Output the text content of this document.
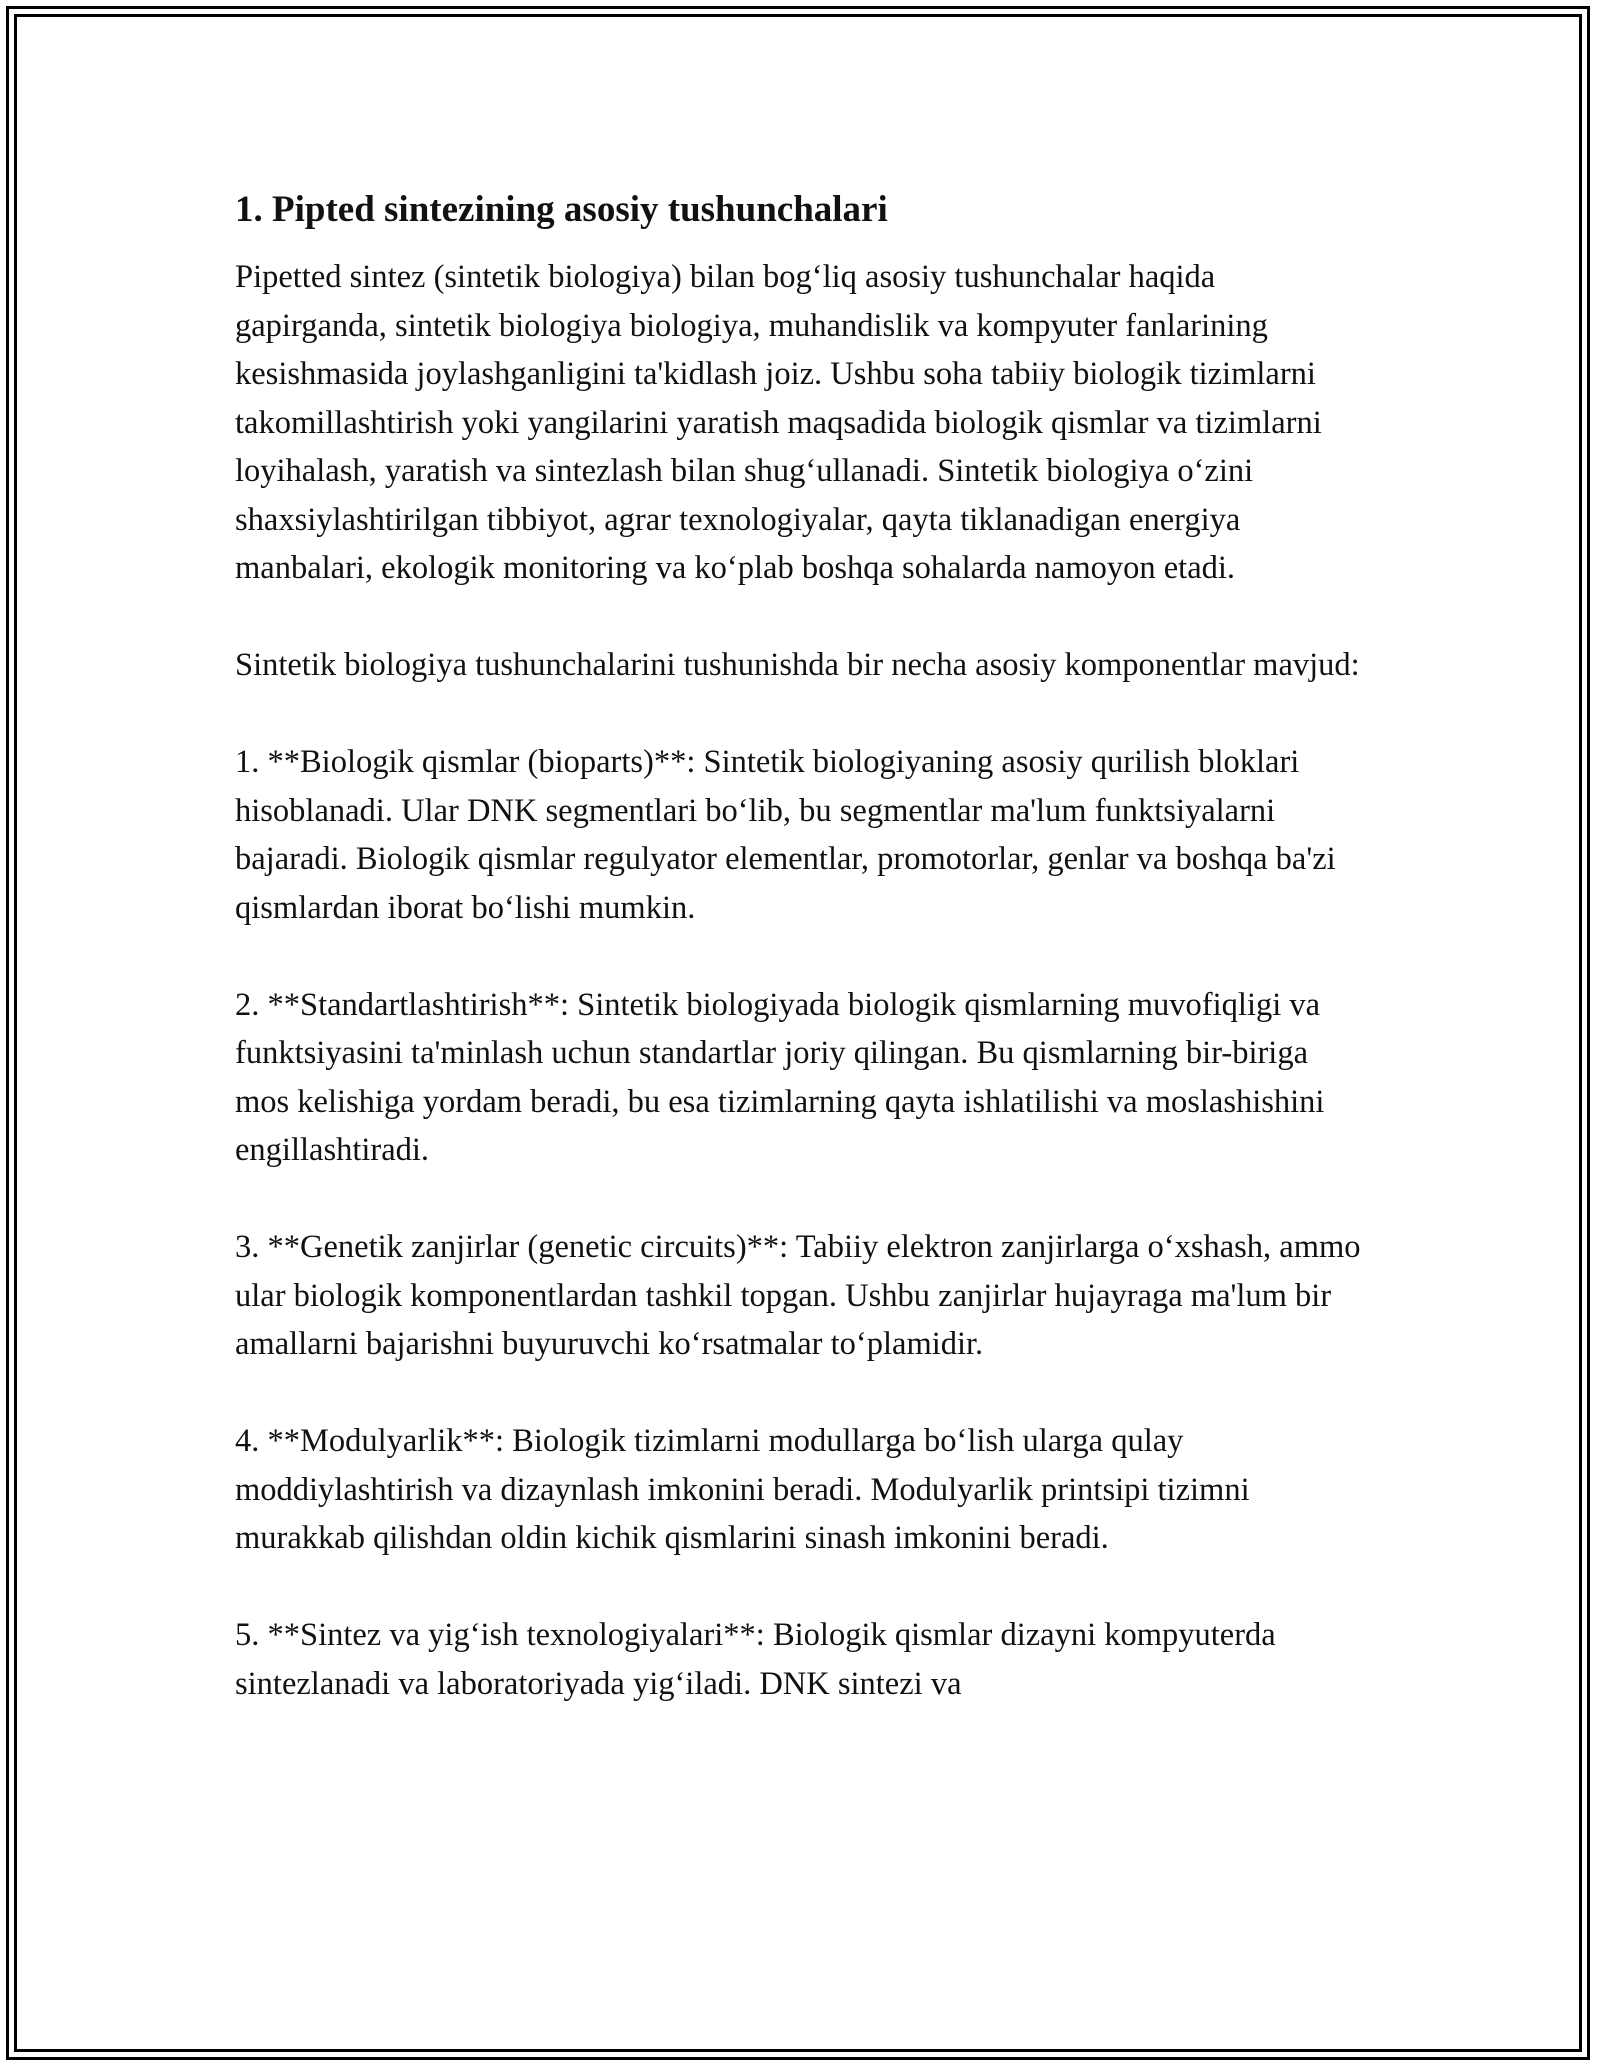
1. Pipted sintezining asosiy tushunchalari

Pipetted sintez (sintetik biologiya) bilan bog‘liq asosiy tushunchalar haqida gapirganda, sintetik biologiya biologiya, muhandislik va kompyuter fanlarining kesishmasida joylashganligini ta'kidlash joiz. Ushbu soha tabiiy biologik tizimlarni takomillashtirish yoki yangilarini yaratish maqsadida biologik qismlar va tizimlarni loyihalash, yaratish va sintezlash bilan shug‘ullanadi. Sintetik biologiya o‘zini shaxsiylashtirilgan tibbiyot, agrar texnologiyalar, qayta tiklanadigan energiya manbalari, ekologik monitoring va ko‘plab boshqa sohalarda namoyon etadi.

Sintetik biologiya tushunchalarini tushunishda bir necha asosiy komponentlar mavjud:

1. **Biologik qismlar (bioparts)**: Sintetik biologiyaning asosiy qurilish bloklari hisoblanadi. Ular DNK segmentlari bo‘lib, bu segmentlar ma'lum funktsiyalarni bajaradi. Biologik qismlar regulyator elementlar, promotorlar, genlar va boshqa ba'zi qismlardan iborat bo‘lishi mumkin.

2. **Standartlashtirish**: Sintetik biologiyada biologik qismlarning muvofiqligi va funktsiyasini ta'minlash uchun standartlar joriy qilingan. Bu qismlarning bir-biriga mos kelishiga yordam beradi, bu esa tizimlarning qayta ishlatilishi va moslashishini engillashtiradi.

3. **Genetik zanjirlar (genetic circuits)**: Tabiiy elektron zanjirlarga o‘xshash, ammo ular biologik komponentlardan tashkil topgan. Ushbu zanjirlar hujayraga ma'lum bir amallarni bajarishni buyuruvchi ko‘rsatmalar to‘plamidir.

4. **Modulyarlik**: Biologik tizimlarni modullarga bo‘lish ularga qulay moddiylashtirish va dizaynlash imkonini beradi. Modulyarlik printsipi tizimni murakkab qilishdan oldin kichik qismlarini sinash imkonini beradi.

5. **Sintez va yig‘ish texnologiyalari**: Biologik qismlar dizayni kompyuterda sintezlanadi va laboratoriyada yig‘iladi. DNK sintezi va
